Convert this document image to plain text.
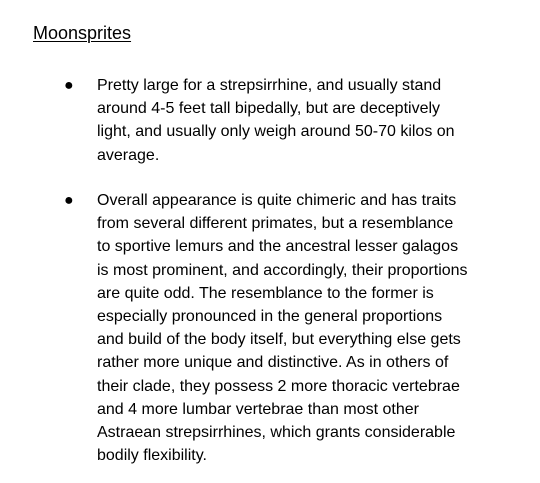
Moonsprites
● Pretty large for a strepsirrhine, and usually stand
around 4-5 feet tall bipedally, but are deceptively
light, and usually only weigh around 50-70 kilos on
average.

● Overall appearance is quite chimeric and has traits
from several different primates, but a resemblance
to sportive lemurs and the ancestral lesser galagos
is most prominent, and accordingly, their proportions
are quite odd. The resemblance to the former is
especially pronounced in the general proportions
and build of the body itself, but everything else gets
rather more unique and distinctive. As in others of
their clade, they possess 2 more thoracic vertebrae
and 4 more lumbar vertebrae than most other
Astraean strepsirrhines, which grants considerable
bodily flexibility.
